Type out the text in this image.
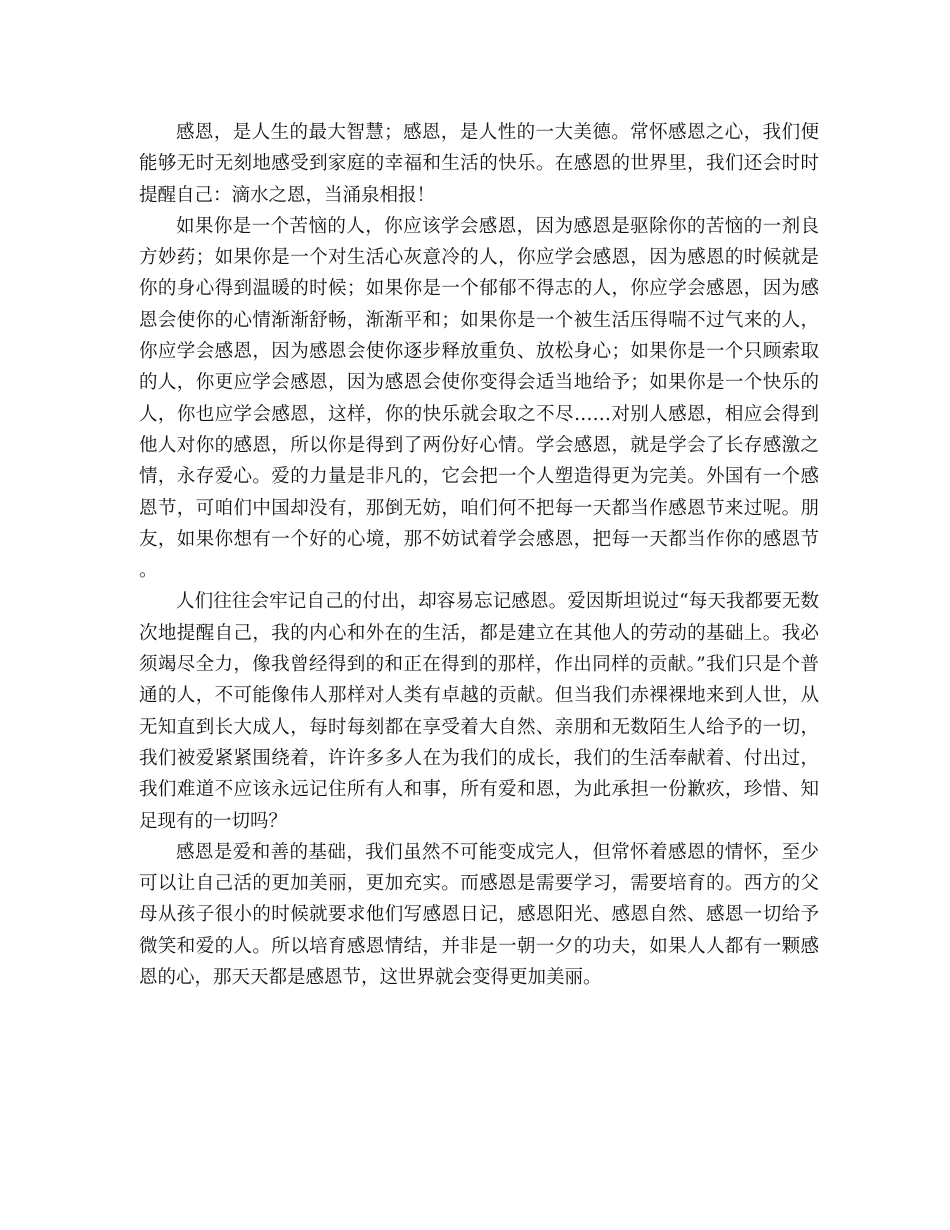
感恩，是人生的最大智慧；感恩，是人性的一大美德。常怀感恩之心，我们便能够无时无刻地感受到家庭的幸福和生活的快乐。在感恩的世界里，我们还会时时提醒自己：滴水之恩，当涌泉相报！

如果你是一个苦恼的人，你应该学会感恩，因为感恩是驱除你的苦恼的一剂良方妙药；如果你是一个对生活心灰意冷的人，你应学会感恩，因为感恩的时候就是你的身心得到温暖的时候；如果你是一个郁郁不得志的人，你应学会感恩，因为感恩会使你的心情渐渐舒畅，渐渐平和；如果你是一个被生活压得喘不过气来的人，你应学会感恩，因为感恩会使你逐步释放重负、放松身心；如果你是一个只顾索取的人，你更应学会感恩，因为感恩会使你变得会适当地给予；如果你是一个快乐的人，你也应学会感恩，这样，你的快乐就会取之不尽……对别人感恩，相应会得到他人对你的感恩，所以你是得到了两份好心情。学会感恩，就是学会了长存感激之情，永存爱心。爱的力量是非凡的，它会把一个人塑造得更为完美。外国有一个感恩节，可咱们中国却没有，那倒无妨，咱们何不把每一天都当作感恩节来过呢。朋友，如果你想有一个好的心境，那不妨试着学会感恩，把每一天都当作你的感恩节。

人们往往会牢记自己的付出，却容易忘记感恩。爱因斯坦说过“每天我都要无数次地提醒自己，我的内心和外在的生活，都是建立在其他人的劳动的基础上。我必须竭尽全力，像我曾经得到的和正在得到的那样，作出同样的贡献。”我们只是个普通的人，不可能像伟人那样对人类有卓越的贡献。但当我们赤裸裸地来到人世，从无知直到长大成人，每时每刻都在享受着大自然、亲朋和无数陌生人给予的一切，我们被爱紧紧围绕着，许许多多人在为我们的成长，我们的生活奉献着、付出过，我们难道不应该永远记住所有人和事，所有爱和恩，为此承担一份歉疚，珍惜、知足现有的一切吗？

感恩是爱和善的基础，我们虽然不可能变成完人，但常怀着感恩的情怀，至少可以让自己活的更加美丽，更加充实。而感恩是需要学习，需要培育的。西方的父母从孩子很小的时候就要求他们写感恩日记，感恩阳光、感恩自然、感恩一切给予微笑和爱的人。所以培育感恩情结，并非是一朝一夕的功夫，如果人人都有一颗感恩的心，那天天都是感恩节，这世界就会变得更加美丽。
